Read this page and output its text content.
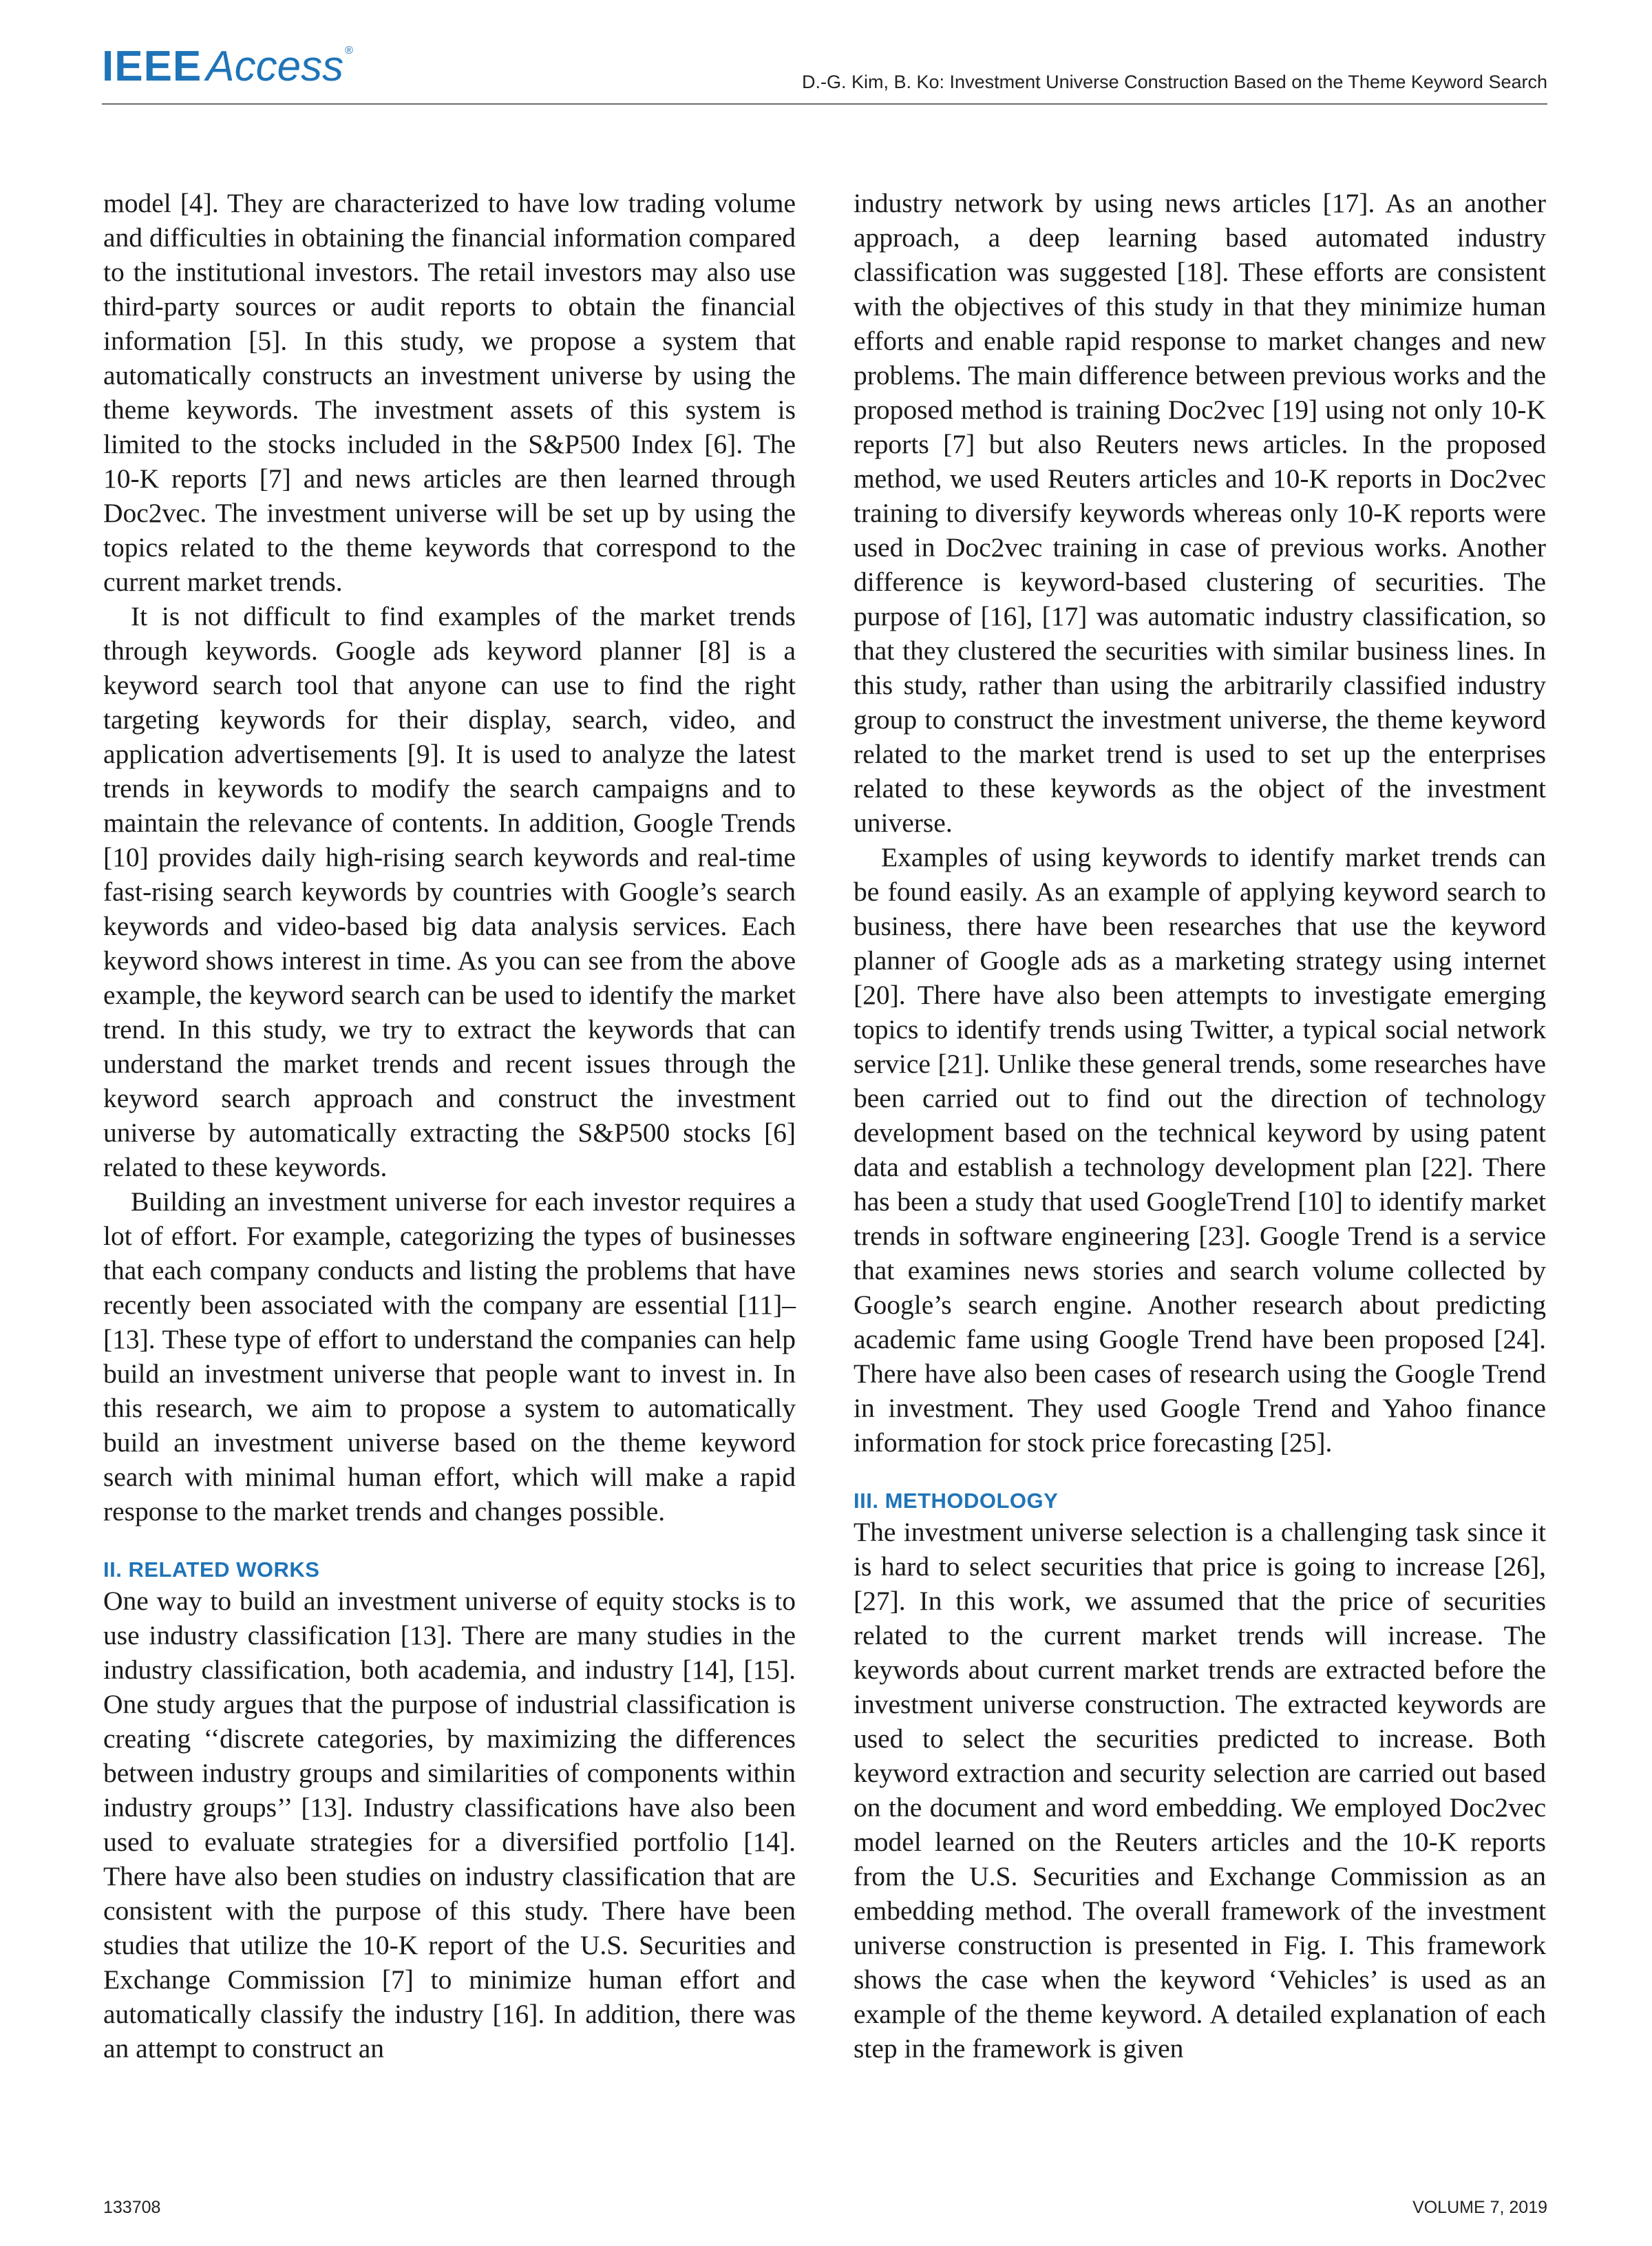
IEEEAccess ®
D.-G. Kim, B. Ko: Investment Universe Construction Based on the Theme Keyword Search

model [4]. They are characterized to have low trading volume and difficulties in obtaining the financial information compared to the institutional investors. The retail investors may also use third-party sources or audit reports to obtain the financial information [5]. In this study, we propose a system that automatically constructs an investment universe by using the theme keywords. The investment assets of this system is limited to the stocks included in the S&P500 Index [6]. The 10-K reports [7] and news articles are then learned through Doc2vec. The investment universe will be set up by using the topics related to the theme keywords that correspond to the current market trends.

It is not difficult to find examples of the market trends through keywords. Google ads keyword planner [8] is a keyword search tool that anyone can use to find the right targeting keywords for their display, search, video, and application advertisements [9]. It is used to analyze the latest trends in keywords to modify the search campaigns and to maintain the relevance of contents. In addition, Google Trends [10] provides daily high-rising search keywords and real-time fast-rising search keywords by countries with Google’s search keywords and video-based big data analysis services. Each keyword shows interest in time. As you can see from the above example, the keyword search can be used to identify the market trend. In this study, we try to extract the keywords that can understand the market trends and recent issues through the keyword search approach and construct the investment universe by automatically extracting the S&P500 stocks [6] related to these keywords.

Building an investment universe for each investor requires a lot of effort. For example, categorizing the types of businesses that each company conducts and listing the problems that have recently been associated with the company are essential [11]–[13]. These type of effort to understand the companies can help build an investment universe that people want to invest in. In this research, we aim to propose a system to automatically build an investment universe based on the theme keyword search with minimal human effort, which will make a rapid response to the market trends and changes possible.

II. RELATED WORKS

One way to build an investment universe of equity stocks is to use industry classification [13]. There are many studies in the industry classification, both academia, and industry [14], [15]. One study argues that the purpose of industrial classification is creating ‘‘discrete categories, by maximizing the differences between industry groups and similarities of components within industry groups’’ [13]. Industry classifications have also been used to evaluate strategies for a diversified portfolio [14]. There have also been studies on industry classification that are consistent with the purpose of this study. There have been studies that utilize the 10-K report of the U.S. Securities and Exchange Commission [7] to minimize human effort and automatically classify the industry [16]. In addition, there was an attempt to construct an

industry network by using news articles [17]. As an another approach, a deep learning based automated industry classification was suggested [18]. These efforts are consistent with the objectives of this study in that they minimize human efforts and enable rapid response to market changes and new problems. The main difference between previous works and the proposed method is training Doc2vec [19] using not only 10-K reports [7] but also Reuters news articles. In the proposed method, we used Reuters articles and 10-K reports in Doc2vec training to diversify keywords whereas only 10-K reports were used in Doc2vec training in case of previous works. Another difference is keyword-based clustering of securities. The purpose of [16], [17] was automatic industry classification, so that they clustered the securities with similar business lines. In this study, rather than using the arbitrarily classified industry group to construct the investment universe, the theme keyword related to the market trend is used to set up the enterprises related to these keywords as the object of the investment universe.

Examples of using keywords to identify market trends can be found easily. As an example of applying keyword search to business, there have been researches that use the keyword planner of Google ads as a marketing strategy using internet [20]. There have also been attempts to investigate emerging topics to identify trends using Twitter, a typical social network service [21]. Unlike these general trends, some researches have been carried out to find out the direction of technology development based on the technical keyword by using patent data and establish a technology development plan [22]. There has been a study that used GoogleTrend [10] to identify market trends in software engineering [23]. Google Trend is a service that examines news stories and search volume collected by Google’s search engine. Another research about predicting academic fame using Google Trend have been proposed [24]. There have also been cases of research using the Google Trend in investment. They used Google Trend and Yahoo finance information for stock price forecasting [25].

III. METHODOLOGY

The investment universe selection is a challenging task since it is hard to select securities that price is going to increase [26], [27]. In this work, we assumed that the price of securities related to the current market trends will increase. The keywords about current market trends are extracted before the investment universe construction. The extracted keywords are used to select the securities predicted to increase. Both keyword extraction and security selection are carried out based on the document and word embedding. We employed Doc2vec model learned on the Reuters articles and the 10-K reports from the U.S. Securities and Exchange Commission as an embedding method. The overall framework of the investment universe construction is presented in Fig. I. This framework shows the case when the keyword ‘Vehicles’ is used as an example of the theme keyword. A detailed explanation of each step in the framework is given

133708	VOLUME 7, 2019
